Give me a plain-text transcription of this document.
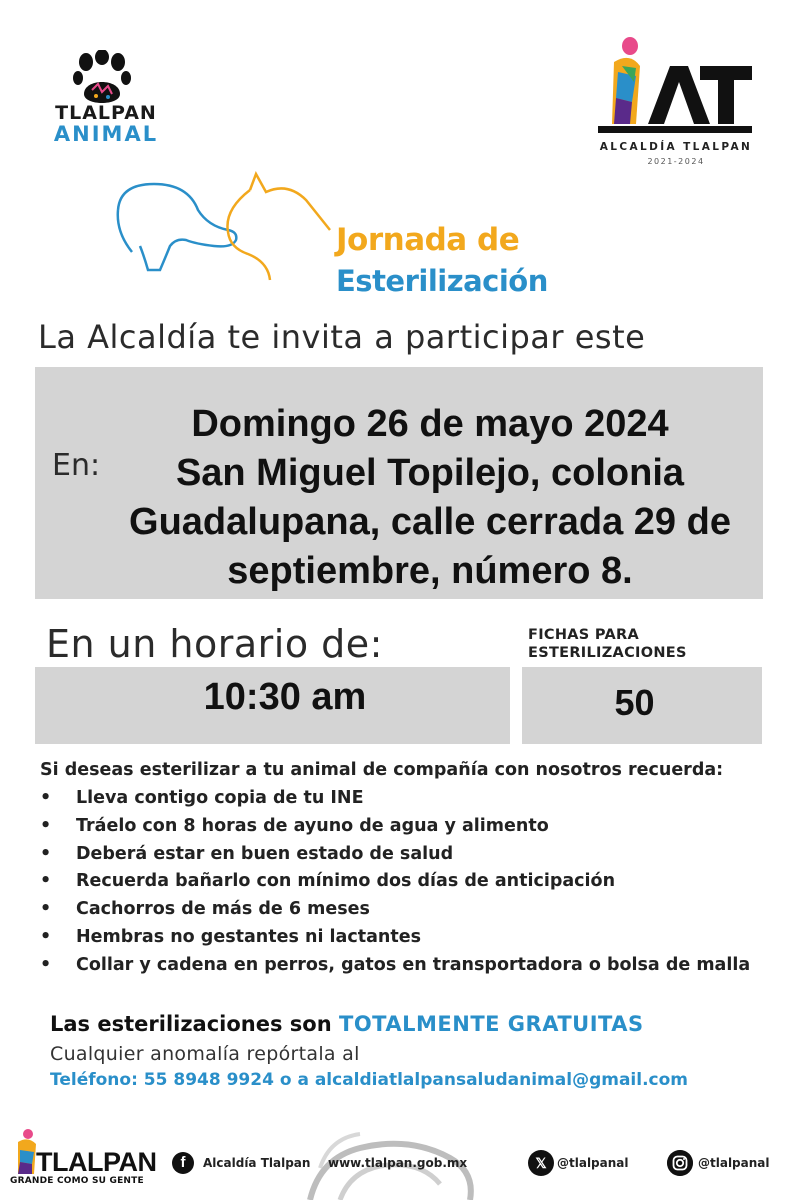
TLALPAN
ANIMAL
ALCALDÍA TLALPAN
2021-2024
Jornada de
Esterilización
La Alcaldía te invita a participar este
En:
Domingo 26 de mayo 2024
San Miguel Topilejo, colonia
Guadalupana, calle cerrada 29 de
septiembre, número 8.
En un horario de:	FICHAS PARA
ESTERILIZACIONES
10:30 am	50
Si deseas esterilizar a tu animal de compañía con nosotros recuerda:
• Lleva contigo copia de tu INE
• Tráelo con 8 horas de ayuno de agua y alimento
• Deberá estar en buen estado de salud
• Recuerda bañarlo con mínimo dos días de anticipación
• Cachorros de más de 6 meses
• Hembras no gestantes ni lactantes
• Collar y cadena en perros, gatos en transportadora o bolsa de malla
Las esterilizaciones son TOTALMENTE GRATUITAS
Cualquier anomalía repórtala al
Teléfono: 55 8948 9924 o a alcaldiatlalpansaludanimal@gmail.com
TLALPAN
GRANDE COMO SU GENTE
f	Alcaldía Tlalpan www.tlalpan.gob.mx	𝕏 @tlalpanal	@tlalpanal
